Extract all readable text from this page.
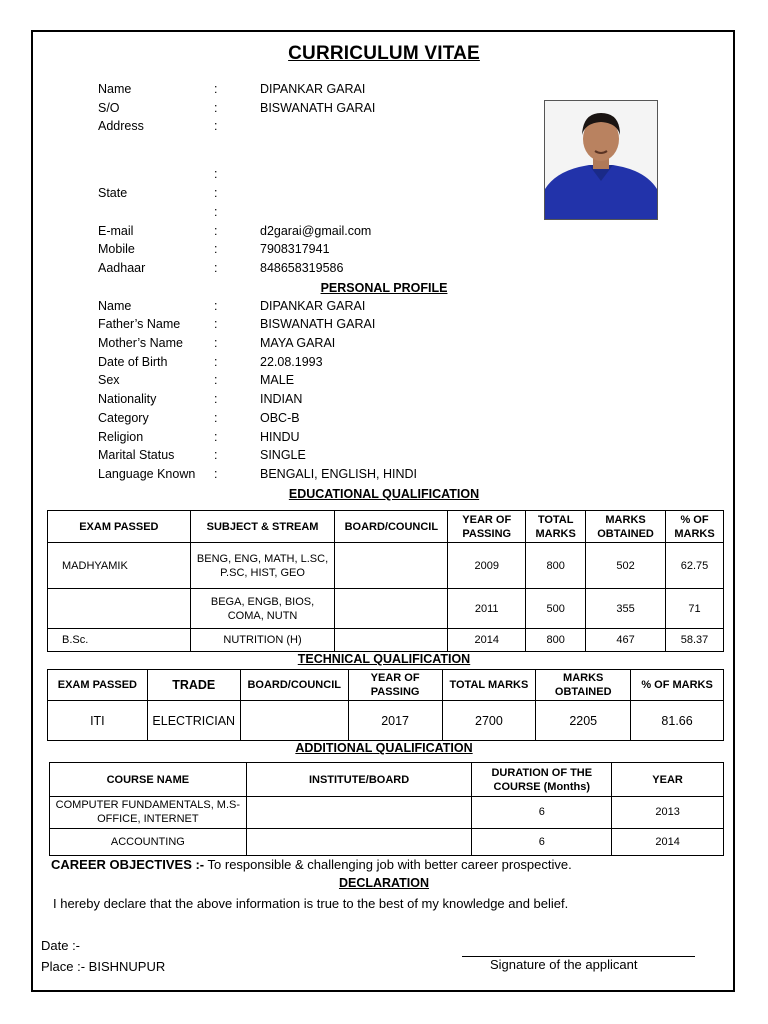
CURRICULUM VITAE
Name	:	DIPANKAR GARAI
S/O	:	BISWANATH GARAI
Address	:
:
State	:
:
E-mail	:	d2garai@gmail.com
Mobile	:	7908317941
Aadhaar	:	848658319586
PERSONAL PROFILE
Name	:	DIPANKAR GARAI
Father’s Name	:	BISWANATH GARAI
Mother’s Name :	MAYA GARAI
Date of Birth	:	22.08.1993
Sex	:	MALE
Nationality	:	INDIAN
Category	:	OBC-B
Religion	:	HINDU
Marital Status	:	SINGLE
Language Known :	BENGALI, ENGLISH, HINDI
EDUCATIONAL QUALIFICATION
EXAM PASSED	SUBJECT & STREAM	BOARD/COUNCIL	YEAR OF PASSING	TOTAL MARKS	MARKS OBTAINED	% OF MARKS
MADHYAMIK	BENG, ENG, MATH, L.SC, P.SC, HIST, GEO		2009	800	502	62.75
	BEGA, ENGB, BIOS, COMA, NUTN		2011	500	355	71
B.Sc.	NUTRITION (H)		2014	800	467	58.37
TECHNICAL QUALIFICATION
EXAM PASSED	TRADE	BOARD/COUNCIL	YEAR OF PASSING	TOTAL MARKS	MARKS OBTAINED	% OF MARKS
ITI	ELECTRICIAN		2017	2700	2205	81.66
ADDITIONAL QUALIFICATION
COURSE NAME	INSTITUTE/BOARD	DURATION OF THE COURSE (Months)	YEAR
COMPUTER FUNDAMENTALS, M.S-OFFICE, INTERNET		6	2013
ACCOUNTING		6	2014
CAREER OBJECTIVES :- To responsible & challenging job with better career prospective.
DECLARATION
I hereby declare that the above information is true to the best of my knowledge and belief.
Date :-
Place :- BISHNUPUR	Signature of the applicant
